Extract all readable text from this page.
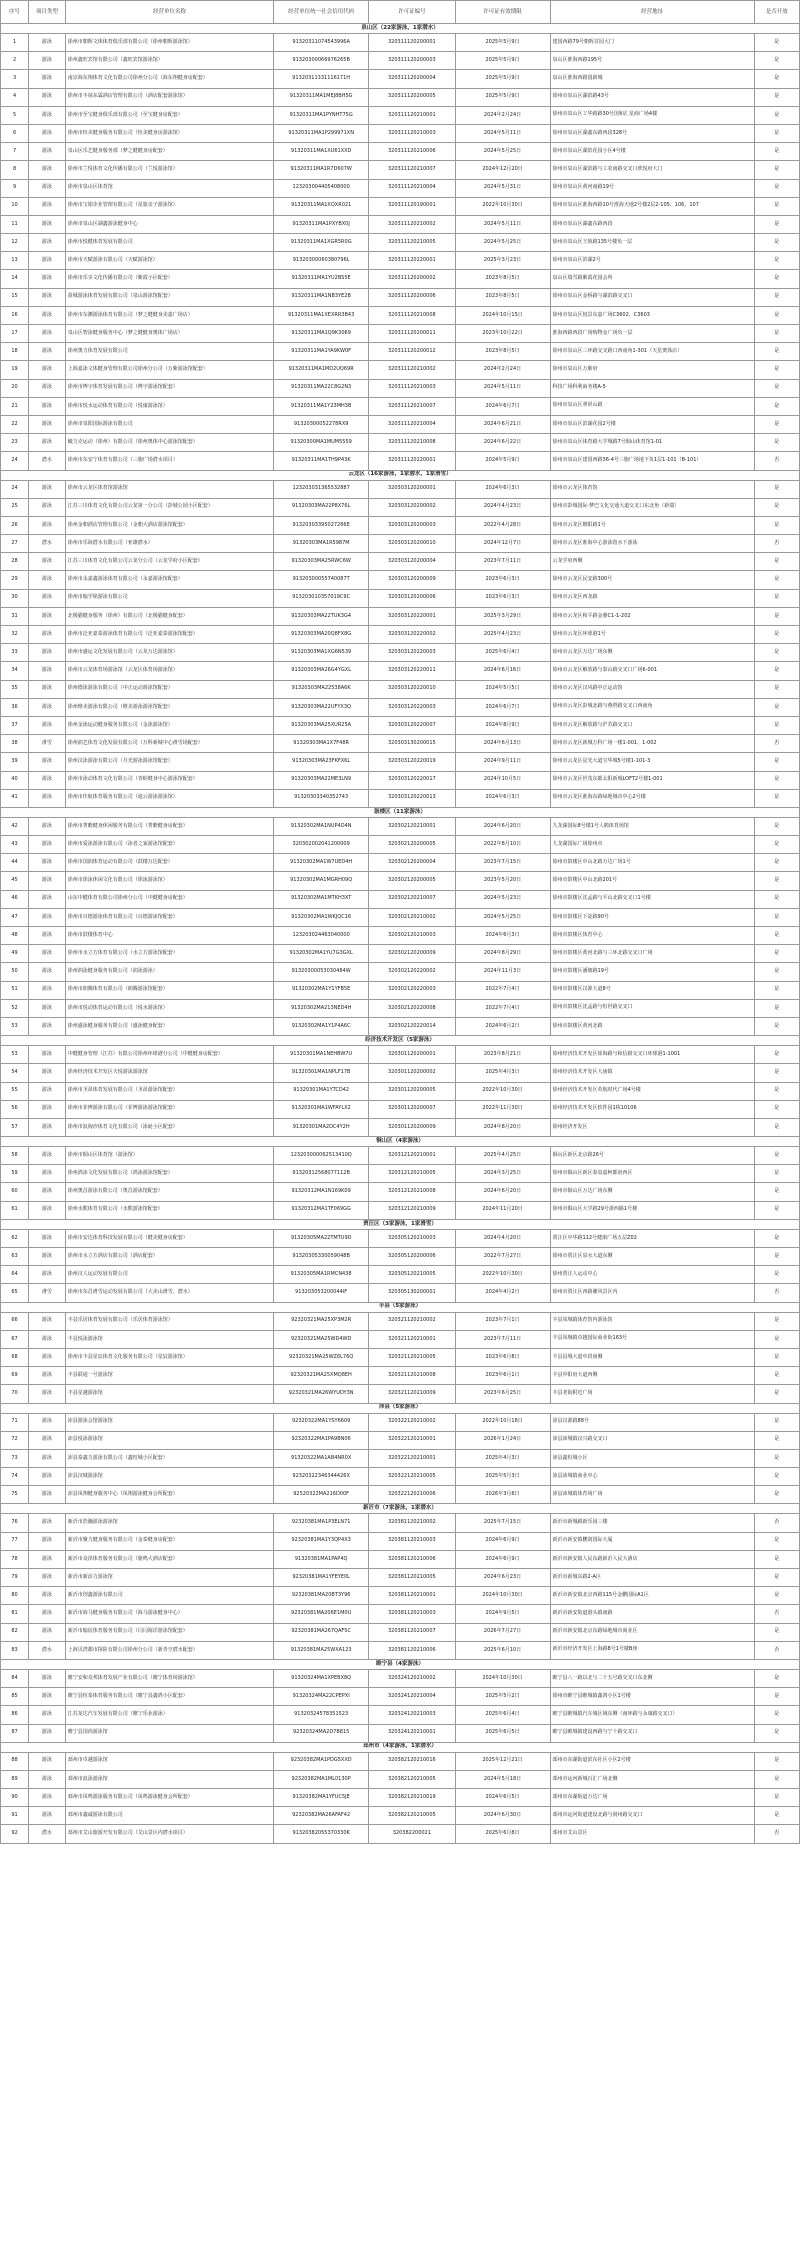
序号	项目类型	经营单位名称	经营单位统一社会信用代码	许可证编号	许可证有效期限	经营地址	是否开放
泉山区（22家游泳，1家潜水）							
1	游泳	徐州市朝晖文体体育俱乐部有限公司（徐州朝晖游泳馆）	91320311074543996A	320311120200001	2025年5月9日	建国西路79号朝晖首园大门	是
2	游泳	徐州鑫旺宾馆有限公司（鑫旺宾馆游泳馆）	91320300066976265B	320311120200003	2025年5月9日	泉山区淮海西路195号	是
3	游泳	南京海东翔体育文化有限公司徐州分公司（海东翔健身房配套）	91320311331116171H	320311120200004	2025年5月9日	泉山区淮海西路国新城	是
4	游泳	徐州市丰禄东霖酒店管理有限公司（酒店配套游泳馆）	91320311MA1MEJ8BH5G	320311120200005	2025年5月9日	徐州市泉山区湖滨路43号	是
5	游泳	徐州市至宝健身俱乐部有限公司（至宝健身房配套）	91320311MA1PYNHT75G	320311120210001	2024年2月24日	徐州市泉山区工华路路30号国和汇星商广场4楼	是
6	游泳	徐州市恒美健身服务有限公司（恒美健身房游泳馆）	91320311MA1P299971XN	320311120210003	2024年5月11日	徐州市泉山区湖鑫东路西段328号	是
7	游泳	泉山区乐艺健身服务部（梦之健健身房配套）	91320311MA1XU61XXD	320311120210006	2024年5月25日	徐州市泉山区湖滨花园小区4号楼	是
8	游泳	徐州市兰悦体育文化传播有限公司（兰悦游泳馆）	91320311MA1R7D607W	320311120210007	2024年12月20日	徐州市泉山区湖滨路与工农南路交叉口欣悦府大门	是
9	游泳	徐州市泉山区体育馆	123203004405408000	320311120210004	2024年5月31日	徐州市泉山区黄河南路19号	是
10	游泳	徐州市宝娟企业管理有限公司（星旅亲子游泳馆）	91320311MA1XQXR021	320311120190001	2022年10月30日	徐州市泉山区淮海西路10号淮海天地2号楼2层2-105、106、107	是
11	游泳	徐州市泉山区湖鑫游泳健身中心	91320311MA1PXYBX0J	320311120210002	2024年5月11日	徐州市泉山区湖鑫东路西段	是
12	游泳	徐州市悦健体育发展有限公司	91320311MA1XGR5R0G	320311120210005	2024年5月25日	徐州市泉山区王陵路135号楼负一层	是
13	游泳	徐州市天赋游泳有限公司（天赋游泳馆）	91320300060380796L	320311120220001	2025年3月23日	徐州市泉山区滨湖2号	是
14	游泳	徐州市乐享文化传播有限公司（紫霞小区配套）	91320311MA1YU2BS5E	320311120200002	2023年8月5日	泉山区瑞雪路紫霞花园会所	是
15	游泳	盈城游泳体育发展有限公司（泉山游泳馆配套）	91320311MA1NB3YE2B	320311120200006	2023年8月5日	徐州市泉山区金桥路与湖滨路交叉口	是
16	游泳	徐州市东渊游泳体育有限公司（梦之健健身美嘉广场店）	91320311MA1XEXRR3B43	320311120210008	2024年10月15日	徐州市泉山区悦景东嘉广场C3602、C3603	是
17	游泳	泉山区智泳健身服务中心（梦之健健身奥体广场店）	91320311MA1Q9K3069	320311120200011	2023年10月22日	淮海西路西段广场购物金广场负一层	是
18	游泳	徐州奥力体育发展有限公司	91320311MA1YA9KW0F	320311120200012	2023年8月5日	徐州市泉山区三环路交叉路口西南角1-301（天星奥体店）	是
19	游泳	上海嘉泳文体健身管理有限公司徐州分公司（万紫游泳馆配套）	91320311MA1MD2UQ69R	320311120210002	2024年2月24日	徐州市泉山区万紫府	是
20	游泳	徐州市博宇体育发展有限公司（博宇游泳馆配套）	91320311MA22C8G2N3	320311120210003	2024年5月11日	科技广场科利商务楼A-5	是
21	游泳	徐州市悦水运动体育有限公司（悦康游泳馆）	91320311MA1Y23MH3B	320311120210007	2024年6月7日	徐州市泉山区翠屏山路	是
22	游泳	徐州市泉阳国际游泳有限公司	91320300052278RX9	320311120210004	2024年6月21日	徐州市泉山区滨湖花园2号楼	是
23	游泳	橄力克运动（徐州）有限公司（徐州奥体中心游泳馆配套）	91320300MA1MUM5559	320311120210008	2024年6月22日	徐州市泉山区体育路大学城路7号铜山体育馆1-01	是
24	潜水	徐州市东安宁体育有限公司（三胞广场潜水项目）	91320311MA1TH9P43K	320311120220001	2024年5月9日	徐州市泉山区建国西路36-4号三胞广场地下负1层1-101（B-101）	否
云龙区（16家游泳，1家潜水，1家滑雪）							
24	游泳	徐州市云龙区体育馆游泳馆	123203031365532887	320303120200001	2024年6月3日	徐州市云龙区体育馆	是
25	游泳	江苏三川体育文化有限公司云龙第一分公司（彭城公园小区配套）	91320303MA22P8X76L	320303120200002	2024年4月23日	徐州市彭城国际·梦巴文化交通大道交叉口东北角（新瑞）	是
26	游泳	徐州金朝酒店管理有限公司（金朝大酒店游泳馆配套）	91320303395027266E	320303120200003	2022年4月28日	徐州市云龙区朝阳路1号	是
27	潜水	徐州市乐海潜水有限公司（亚雄潜水）	91320303MA1R5987M	320303120200010	2024年12月7日	徐州市云龙区淮海中心游泳馆水下游泳	否
28	游泳	江苏三川体育文化有限公司云龙分公司（云龙学府小区配套）	91320303MA25RWC6W	320303120200004	2023年7月11日	云龙学府西侧	是
29	游泳	徐州市永嘉鑫游泳体育有限公司（永嘉游泳馆配套）	91320300055740087T	320303120200009	2023年6月3日	徐州市云龙区民安路300号	是
30	游泳	徐州市翰学铭游泳有限公司	913203010357019C9C	320303120200006	2023年6月3日	徐州市云龙区西龙路	是
31	游泳	北极猫健身服务（徐州）有限公司（北极猫健身配套）	91320303MA22TUK3G4	320303120220001	2025年3月29日	徐州市云龙区和平路金鼎C1-1-202	是
32	游泳	徐州市泛亚嘉泰游泳体育有限公司（泛亚嘉泰游泳馆配套）	91320303MA20Q8FX8G	320303120220002	2025年4月23日	徐州市云龙区环球港1号	是
33	游泳	徐州市盛运文化发展有限公司（云龙万达游泳馆）	91320303MA1XG6N539	320303120220003	2025年6月4日	徐州市云龙区万达广场东侧	是
34	游泳	徐州市云龙体育场游泳馆（云龙区体育场游泳馆）	91320303MA26G4YGXL	320303120220011	2024年6月16日	徐州市云龙区解放路与泰山路交叉口广场6-001	是
35	游泳	徐州德泳游泳有限公司（中正运动游泳馆配套）	91320303MA22538A6K	320303120220010	2024年5月5日	徐州市云龙区汉风路中正运动馆	是
36	游泳	徐州维美游泳有限公司（维美游泳游泳馆配套）	91320303MA22UFYX3Q	320303120220003	2024年6月7日	徐州市云龙区彭城北路与燕塔路交叉口西南角	是
37	游泳	徐州金泳运动健身服务有限公司（金泳游泳馆）	91320303MA25XUR25A	320303120220007	2024年8月9日	徐州市云龙区解放路与沪苏路交叉口	是
38	滑雪	徐州润艺体育文化发展有限公司（万科新城中心滑雪场配套）	91320303MA1X7F48R	320303130200015	2024年6月13日	徐州市云龙区新城万科广场一楼1-001、1-002	否
39	游泳	徐州汉泳游泳有限公司（月光游泳游泳馆配套）	91320303MA23FKFX6L	320303120220019	2024年9月11日	徐州市云龙区星光大道宝华城5号楼1-101-3	是
40	游泳	徐州市泳动体育文化有限公司（青蛙健身中心游泳馆配套）	91320303MA22ME3LN9	320303120220017	2024年10月5日	徐州市云龙区世茂东都太阳新城LOFT2号楼1-001	是
41	游泳	徐州市佳航体育服务有限公司（通云游泳游泳馆）	91320303340352743	320303120220013	2024年6月3日	徐州市云龙区淮海东路绿地城市中心2号楼	是
鼓楼区（11家游泳）							
42	游泳	徐州市菁瞻健身休闲服务有限公司（菁瞻健身房配套）	91320302MA1NUP4D4N	320302120210001	2024年6月20日	九龙湖国际8号楼1号人鹤体育场馆	是
43	游泳	徐州市爱泳游泳有限公司（泳者之家游泳馆配套）	320302002041200009	320302120200005	2022年8月10日	九龙湖国际广场徐州市	是
44	游泳	徐州市国润体育运动有限公司（鼓楼万达配套）	91320302MA1W7UED4H	320302120200004	2023年7月15日	徐州市鼓楼区中山北路万达广场1号	是
45	游泳	徐州市徐泳休闲文化有限公司（徐泳游泳馆）	91320302MA1MGRH09Q	320302120200005	2023年5月20日	徐州市鼓楼区中山北路201号	是
46	游泳	山东中健体育有限公司徐州分公司（中健健身房配套）	91320302MA1MTKH3XT	320302120210007	2024年5月23日	徐州市鼓楼区沈孟路与平山北路交叉口1号楼	是
47	游泳	徐州市百德游泳体育有限公司（百德游泳馆配套）	91320302MA1WKJQC16	320302120210002	2024年5月25日	徐州市鼓楼区下淀路90号	是
48	游泳	徐州市鼓楼体育中心	123203024463040000	320302120210003	2024年6月3日	徐州市鼓楼区体育中心	是
49	游泳	徐州市水立方体育有限公司（水立方游泳馆配套）	91320302MA1YU7G3GXL	320302120200009	2024年8月29日	徐州市鼓楼区黄河北路与三环北路交叉口广场	是
50	游泳	徐州润泳健身服务有限公司（润泳游泳）	91320300053030484W	320302120220002	2024年11月3日	徐州市鼓楼区潘塘路19号	是
51	游泳	徐州市朗腾体育有限公司（朗腾游泳馆配套）	91320302MA1Y1YFB5E	320302120220003	2022年7月4日	徐州市鼓楼区汉源大道8号	是
52	游泳	徐州市悦动体育运动有限公司（悦水游泳馆）	91320302MA213NED4H	320302120220008	2022年7月4日	徐州市鼓楼区沈孟路与恒世路交叉口	是
53	游泳	徐州盛泳健身服务有限公司（盛泳健身配套）	91320302MA1Y1P4A6C	320302120220014	2024年6月2日	徐州市鼓楼区黄河北路	是
经济技术开发区（5家游泳）							
53	游泳	中健健身管理（江苏）有限公司徐州环球港分公司（中健健身房配套）	91320301MA1NEHBW7U	320301120200001	2023年8月21日	徐州经济技术开发区徐海路与和信路交叉口环球港1-1001	是
54	游泳	徐州经济技术开发区天悦游泳游泳馆	91320301MA1NPLF17B	320301120200002	2025年4月3日	徐州经济技术开发区大庙镇	是
55	游泳	徐州市圣昂体育发展有限公司（圣昂游泳馆配套）	91320301MA1YTCD42	320301120200005	2022年10月30日	徐州经济技术开发区英航时代广场4号楼	是
56	游泳	徐州市菲博游泳有限公司（菲博游泳游泳馆配套）	91320301MA1WFAYLX2	320301120200007	2022年11月30日	徐州经济技术开发区软件园1栋10106	是
57	游泳	徐州市浪淘沙体育文化有限公司（泳诞小区配套）	91320301MA2DC4Y2H	320301120200009	2024年8月20日	徐州经济开发区	是
铜山区（4家游泳）							
58	游泳	徐州市铜山区体育馆（游泳馆）	123203000062513410Q	320312120210001	2025年4月25日	铜山区新区北京路26号	是
59	游泳	徐州鸿泳文化发展有限公司（鸿泳游泳馆配套）	91320312568077112B	320312120210005	2024年3月25日	徐州市铜山区新区泰泉嘉柯都府西区	是
60	游泳	徐州奥昌游泳有限公司（奥昌游泳馆配套）	91320312MA1N169K09	320312120210008	2024年6月20日	徐州市铜山区万达广场东侧	是
61	游泳	徐州水熊体育有限公司（水熊游泳馆配套）	91320312MA1TF069GG	320312120210009	2024年11月20日	徐州市铜山区大学路29号浙西路1号楼	是
贾汪区（3家游泳，1家滑雪）							
62	游泳	徐州市安达体育科技发展有限公司（健美健身房配套）	91320305MA22TMTU9D	320305120210003	2024年4月20日	贾汪区中华路112号健康广场五层Z02	是
63	游泳	徐州市水立方酒店有限公司（酒店配套）	91320305330059048B	320305120200006	2022年7月27日	徐州市贾汪区泉水大道东侧	是
64	游泳	徐州汉人运动发展有限公司	91320305MA1RMCN438	320305120210005	2022年10月30日	徐州贾汪人运动中心	是
65	滑雪	徐州市东昌滑雪运动发展有限公司（大美山滑雪、潜水）	913203053200044IF	320305130200001	2024年4月2日	徐州市贾汪区西路潮风景区内	否
丰县（5家游泳）							
66	游泳	丰县乐居体育发展有限公司（乐居体育游泳馆）	92320321MA25XP3M2R	320321120210002	2023年7月1日	丰县凤城镇体育馆内游泳馆	是
67	游泳	丰县悦泳游泳馆	92320321MA25WD4WD	320321120210001	2023年7月11日	丰县凤城镇卓越国际商业街163号	是
68	游泳	徐州市丰县星辰体育文化服务有限公司（星辰游泳馆）	92320321MA25WZ6L76Q	320321120210005	2023年6月8日	丰县县城大道中段南侧	是
69	游泳	丰县联通一号游泳馆	92320321MA25XMQ8EH	320321120210008	2023年6月1日	丰县中阳府大道西侧	是
70	游泳	丰县星越游泳馆	92320321MA26WYUDY3N	320321120210009	2023年6月25日	丰县老街附近广场	是
沛县（5家游泳）							
71	游泳	沛县游泳会馆游泳馆	92320322MA1YSY6609	320322120210002	2022年10月18日	沛县汉源路88号	是
72	游泳	沛县悦泳游泳馆	92320322MA1PA9BN06	320322120210001	2026年1月24日	沛县沛城镇汉兴路交叉口	是
73	游泳	沛县泰鑫力游泳有限公司（鑫恒城小区配套）	91320322MA1AB4NR0X	320322120210001	2025年4月3日	沛县鑫恒城小区	是
74	游泳	沛县汉城游泳馆	92320322346344426X	320322120210005	2025年5月3日	沛县沛城镇商业中心	是
75	游泳	沛县凤翔健身服务中心（凤翔游泳健身会所配套）	92520322MA216D00F	320322120210006	2026年3月6日	沛县沛城镇体育场广场	是
新沂市（7家游泳，1家潜水）							
76	游泳	新沂市浩瀚游泳游泳馆	92320381MA1P3ELN71	320381120210002	2025年7月15日	新沂市新城路新乐园三楼	否
77	游泳	新沂市聚力健身服务有限公司（金泰健身房配套）	92320381MA1Y3QP4X3	320381120210003	2024年6月9日	新沂市新安镇鹏润国际大厦	是
78	游泳	新沂市众泽体育服务有限公司（鹿鸣大酒店配套）	91320381MA1PAP4Q	320381120210006	2024年6月9日	新沂市新安镇人民东路新沂人民大酒店	是
79	游泳	新沂市新活力游泳馆	92320381MA1YFEYE0L	320381120210005	2024年6月23日	新沂市新城东路2-A区	是
80	游泳	新沂市创鑫游泳有限公司	92320381MA20BT3Y96	320381120210001	2024年10月30日	新沂市新安镇北京西路115号金鹏国际A1区	是
81	游泳	新沂市海马健身服务有限公司（海马游泳健身中心）	92320381MA206E1M0U	320381120210003	2024年9月5日	新沂市新安街道港头镇南路	否
82	游泳	新沂市翰宸体育服务有限公司（闫闫海洋游泳馆配套）	92320381MA267QAF5C	320381120210007	2026年7月27日	新沂市新安镇北京东路绿地城市商业区	是
83	潜水	上海贝湾都市探险有限公司徐州分公司（新青空潜水配套）	91320381MA25WXA123	320381120210006	2025年6月10日	新沂市经济开发区上海路8号1号楼B座	否
睢宁县（4家游泳）							
84	游泳	睢宁安和众邦体育发展产业有限公司（睢宁体育场游泳馆）	91320324MA1XPEBX8Q	320324120210002	2024年10月30日	睢宁县八一路以北与二十五号路交叉口东北侧	是
85	游泳	睢宁县恒泰体育服务有限公司（睢宁县鑫鸿小区配套）	91320324MA22CPEPXI	320324120210004	2025年5月2日	徐州市睢宁县睢城镇鑫鸿小区1号楼	是
86	游泳	江苏龙达汽车发展有限公司（睢宁乐业游泳）	91320324578351523	320324120210003	2025年6月4日	睢宁县睢城镇汽车城区域东侧（南环路与永康路交叉口）	是
87	游泳	睢宁县国尚游泳馆	92320324MA2D7B815	320324120210001	2025年6月5日	睢宁县睢城镇建设西路与宁十路交叉口	是
邳州市（4家游泳，1家潜水）							
88	游泳	邳州市卓越游泳馆	92320382MA1PDG5XXD	320382120210016	2025年12月21日	邳州市东湖街道滨东社区小区2号楼	是
89	游泳	邳州市浪泳游泳馆	92320382MA1ML0130P	320382120210005	2024年5月18日	邳州市运河新城百汇广场北侧	是
90	游泳	邳州市凤鸣游泳服务有限公司（凤鸣游泳健身会所配套）	91320382MA1YFUC5JE	320382120210019	2024年6月5日	邳州市东湖街道万达广场	是
91	游泳	邳州市鑫诚游泳有限公司	92320382MA26AFAF42	320382120210005	2024年6月30日	邳州市运河街道建设北路与润州路交叉口	是
92	潜水	邳州市艾山旅游开发有限公司（艾山景区内潜水项目）	91320382055370330K	320382200021	2025年6月8日	邳州市艾山景区	否
